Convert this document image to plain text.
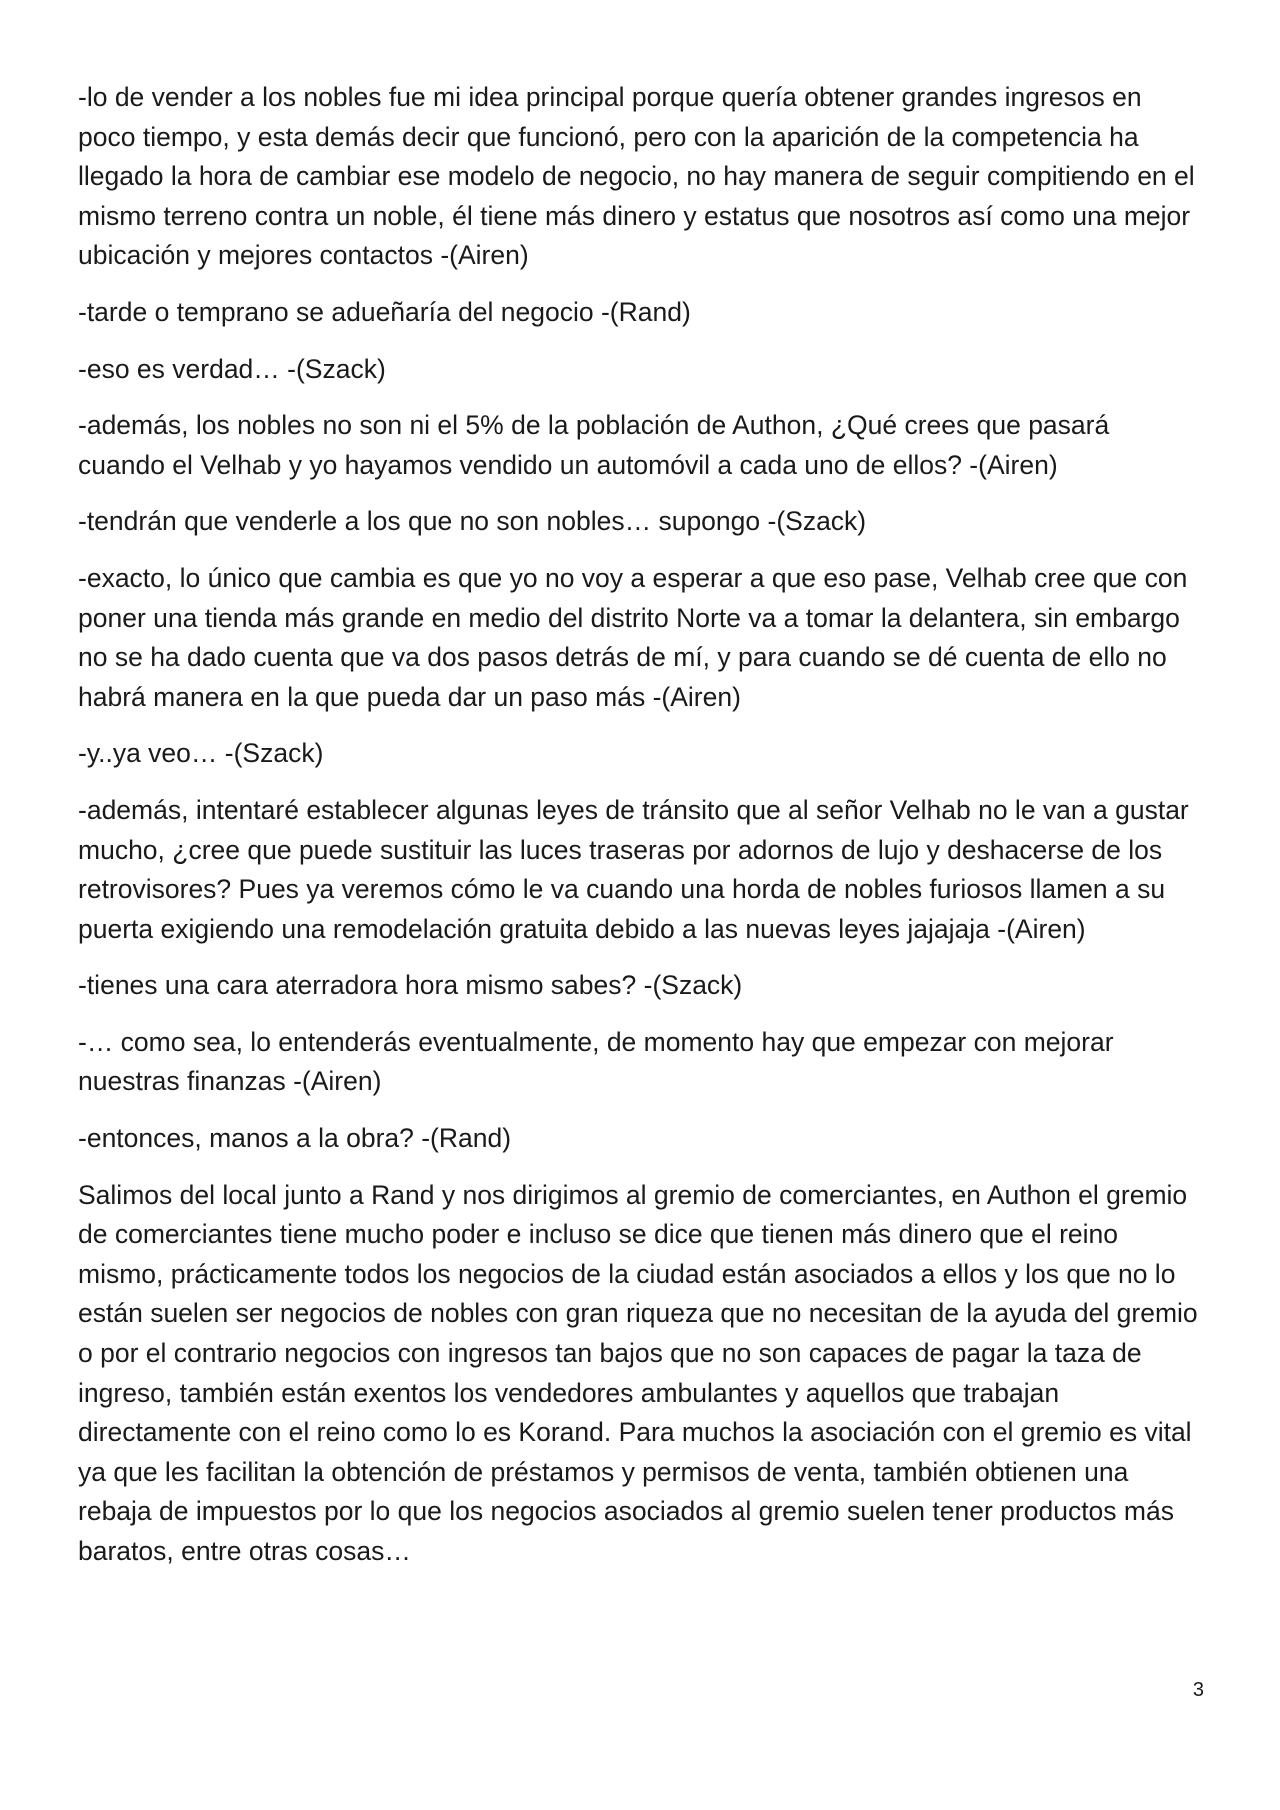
-lo de vender a los nobles fue mi idea principal porque quería obtener grandes ingresos en poco tiempo, y esta demás decir que funcionó, pero con la aparición de la competencia ha llegado la hora de cambiar ese modelo de negocio, no hay manera de seguir compitiendo en el mismo terreno contra un noble, él tiene más dinero y estatus que nosotros así como una mejor ubicación y mejores contactos -(Airen)

-tarde o temprano se adueñaría del negocio -(Rand)

-eso es verdad… -(Szack)

-además, los nobles no son ni el 5% de la población de Authon, ¿Qué crees que pasará cuando el Velhab y yo hayamos vendido un automóvil a cada uno de ellos? -(Airen)

-tendrán que venderle a los que no son nobles… supongo -(Szack)

-exacto, lo único que cambia es que yo no voy a esperar a que eso pase, Velhab cree que con poner una tienda más grande en medio del distrito Norte va a tomar la delantera, sin embargo no se ha dado cuenta que va dos pasos detrás de mí, y para cuando se dé cuenta de ello no habrá manera en la que pueda dar un paso más -(Airen)

-y..ya veo… -(Szack)

-además, intentaré establecer algunas leyes de tránsito que al señor Velhab no le van a gustar mucho, ¿cree que puede sustituir las luces traseras por adornos de lujo y deshacerse de los retrovisores? Pues ya veremos cómo le va cuando una horda de nobles furiosos llamen a su puerta exigiendo una remodelación gratuita debido a las nuevas leyes jajajaja -(Airen)

-tienes una cara aterradora hora mismo sabes? -(Szack)

-… como sea, lo entenderás eventualmente, de momento hay que empezar con mejorar nuestras finanzas -(Airen)

-entonces, manos a la obra? -(Rand)

Salimos del local junto a Rand y nos dirigimos al gremio de comerciantes, en Authon el gremio de comerciantes tiene mucho poder e incluso se dice que tienen más dinero que el reino mismo, prácticamente todos los negocios de la ciudad están asociados a ellos y los que no lo están suelen ser negocios de nobles con gran riqueza que no necesitan de la ayuda del gremio o por el contrario negocios con ingresos tan bajos que no son capaces de pagar la taza de ingreso, también están exentos los vendedores ambulantes y aquellos que trabajan directamente con el reino como lo es Korand. Para muchos la asociación con el gremio es vital ya que les facilitan la obtención de préstamos y permisos de venta, también obtienen una rebaja de impuestos por lo que los negocios asociados al gremio suelen tener productos más baratos, entre otras cosas…

3
